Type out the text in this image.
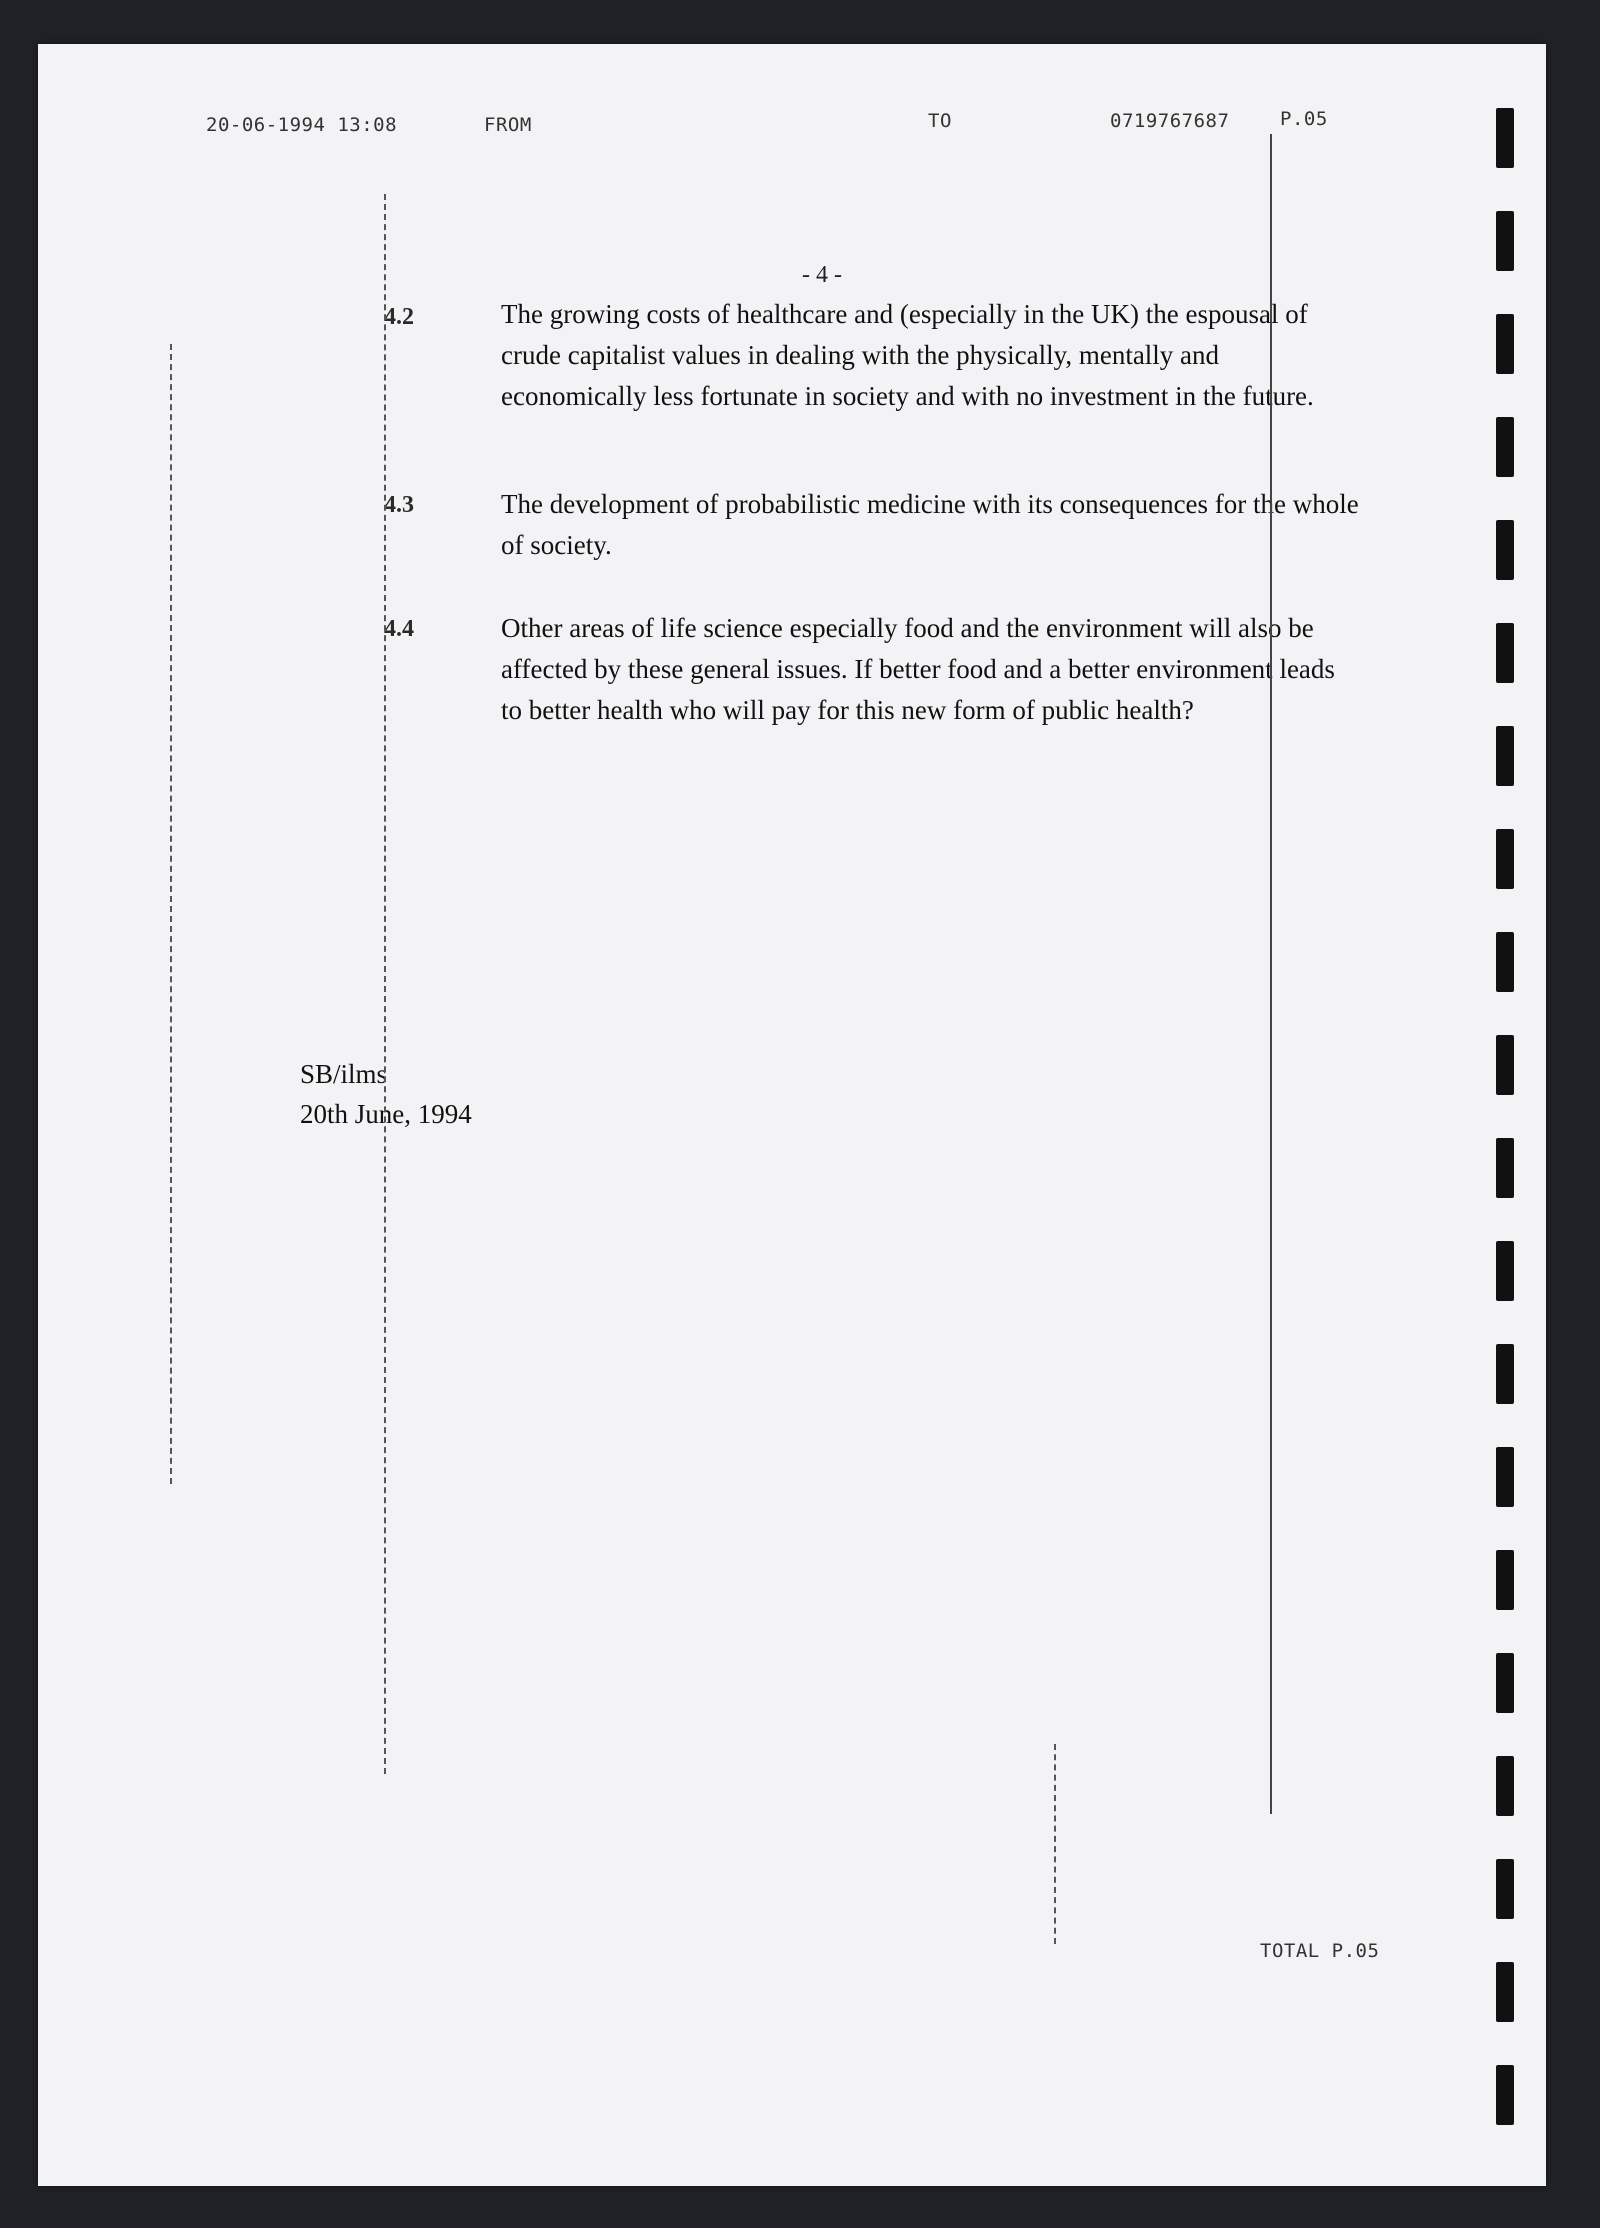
20-06-1994 13:08	FROM	TO	0719767687	P.05
- 4 -
4.2	The growing costs of healthcare and (especially in the UK) the espousal of crude capitalist values in dealing with the physically, mentally and economically less fortunate in society and with no investment in the future.
4.3	The development of probabilistic medicine with its consequences for the whole of society.
4.4	Other areas of life science especially food and the environment will also be affected by these general issues. If better food and a better environment leads to better health who will pay for this new form of public health?
SB/ilms
20th June, 1994
TOTAL P.05
